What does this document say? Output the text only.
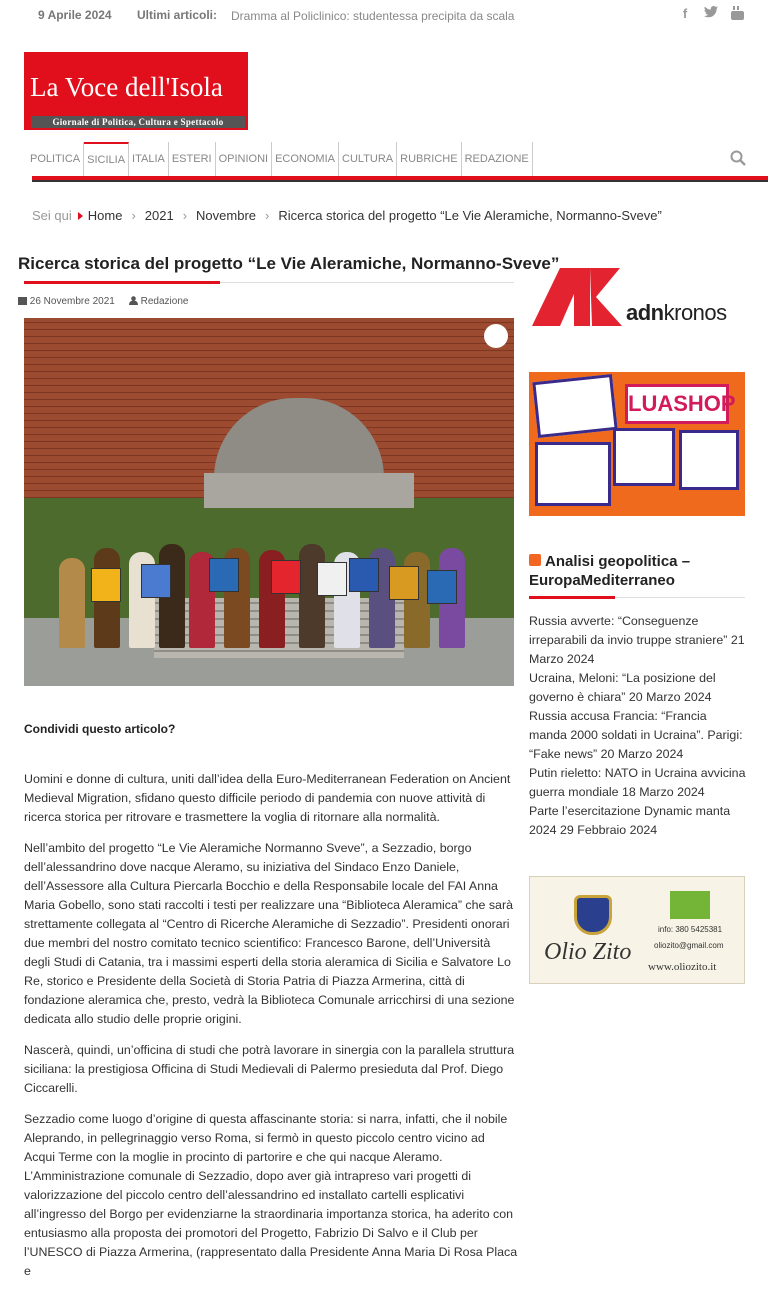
9 Aprile 2024 Ultimi articoli: Dramma al Policlinico: studentessa precipita da scala	f
La Voce dell'Isola
Giornale di Politica, Cultura e Spettacolo
POLITICA SICILIA ITALIA ESTERI OPINIONI ECONOMIA CULTURA RUBRICHE REDAZIONE
Sei qui Home › 2021 › Novembre › Ricerca storica del progetto “Le Vie Aleramiche, Normanno-Sveve”
Ricerca storica del progetto “Le Vie Aleramiche, Normanno-Sveve”
26 Novembre 2021	Redazione
Condividi questo articolo?

Uomini e donne di cultura, uniti dall’idea della Euro-Mediterranean Federation on Ancient Medieval Migration, sfidano questo difficile periodo di pandemia con nuove attività di ricerca storica per ritrovare e trasmettere la voglia di ritornare alla normalità.

Nell’ambito del progetto “Le Vie Aleramiche Normanno Sveve”, a Sezzadio, borgo dell’alessandrino dove nacque Aleramo, su iniziativa del Sindaco Enzo Daniele, dell’Assessore alla Cultura Piercarla Bocchio e della Responsabile locale del FAI Anna Maria Gobello, sono stati raccolti i testi per realizzare una “Biblioteca Aleramica” che sarà strettamente collegata al “Centro di Ricerche Aleramiche di Sezzadio”. Presidenti onorari due membri del nostro comitato tecnico scientifico: Francesco Barone, dell’Università degli Studi di Catania, tra i massimi esperti della storia aleramica di Sicilia e Salvatore Lo Re, storico e Presidente della Società di Storia Patria di Piazza Armerina, città di fondazione aleramica che, presto, vedrà la Biblioteca Comunale arricchirsi di una sezione dedicata allo studio delle proprie origini.

Nascerà, quindi, un’officina di studi che potrà lavorare in sinergia con la parallela struttura siciliana: la prestigiosa Officina di Studi Medievali di Palermo presieduta dal Prof. Diego Ciccarelli.

Sezzadio come luogo d’origine di questa affascinante storia: si narra, infatti, che il nobile Aleprando, in pellegrinaggio verso Roma, si fermò in questo piccolo centro vicino ad Acqui Terme con la moglie in procinto di partorire e che qui nacque Aleramo. L’Amministrazione comunale di Sezzadio, dopo aver già intrapreso vari progetti di valorizzazione del piccolo centro dell’alessandrino ed installato cartelli esplicativi all’ingresso del Borgo per evidenziarne la straordinaria importanza storica, ha aderito con entusiasmo alla proposta dei promotori del Progetto, Fabrizio Di Salvo e il Club per l’UNESCO di Piazza Armerina, (rappresentato dalla Presidente Anna Maria Di Rosa Placa e

adnkronos
LUASHOP
Analisi geopolitica – EuropaMediterraneo
Russia avverte: “Conseguenze irreparabili da invio truppe straniere” 21 Marzo 2024
Ucraina, Meloni: “La posizione del governo è chiara” 20 Marzo 2024
Russia accusa Francia: “Francia manda 2000 soldati in Ucraina”. Parigi: “Fake news” 20 Marzo 2024
Putin rieletto: NATO in Ucraina avvicina guerra mondiale 18 Marzo 2024
Parte l’esercitazione Dynamic manta 2024 29 Febbraio 2024
Olio Zito
info: 380 5425381
oliozito@gmail.com
www.oliozito.it
